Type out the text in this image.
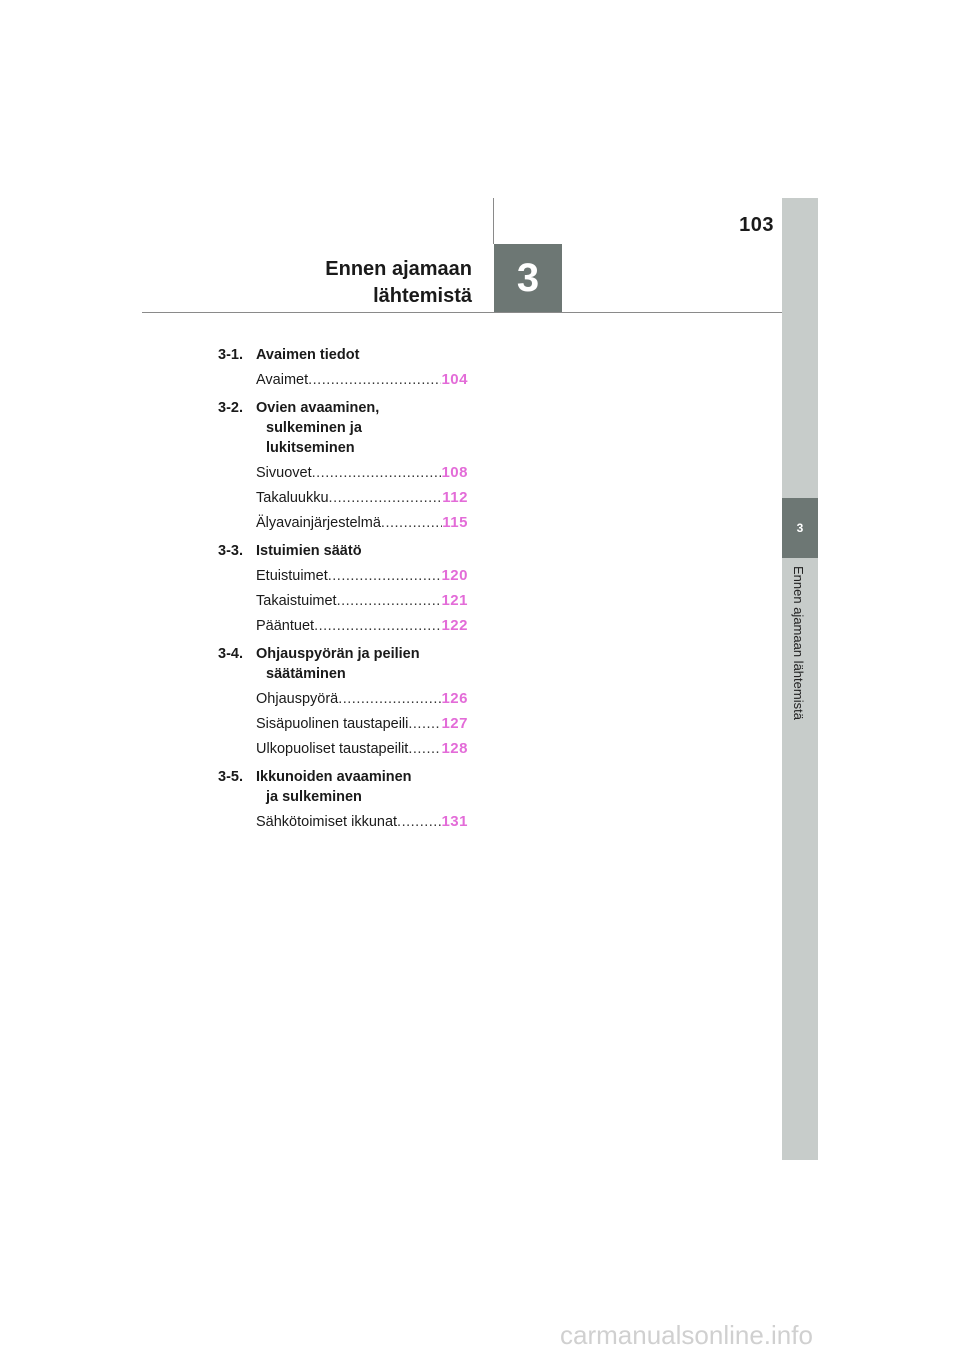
103
Ennen ajamaan
lähtemistä	3
3
Ennen ajamaan lähtemistä
3-1. Avaimen tiedot
Avaimet .....	104
3-2. Ovien avaaminen,
sulkeminen ja
lukitseminen
Sivuovet .....	108
Takaluukku .....	112
Älyavainjärjestelmä .....	115
3-3. Istuimien säätö
Etuistuimet .....	120
Takaistuimet .....	121
Pääntuet .....	122
3-4. Ohjauspyörän ja peilien
säätäminen
Ohjauspyörä .....	126
Sisäpuolinen taustapeili ..... 127
Ulkopuoliset taustapeilit ..... 128
3-5. Ikkunoiden avaaminen
ja sulkeminen
Sähkötoimiset ikkunat .....	131
carmanualsonline.info
